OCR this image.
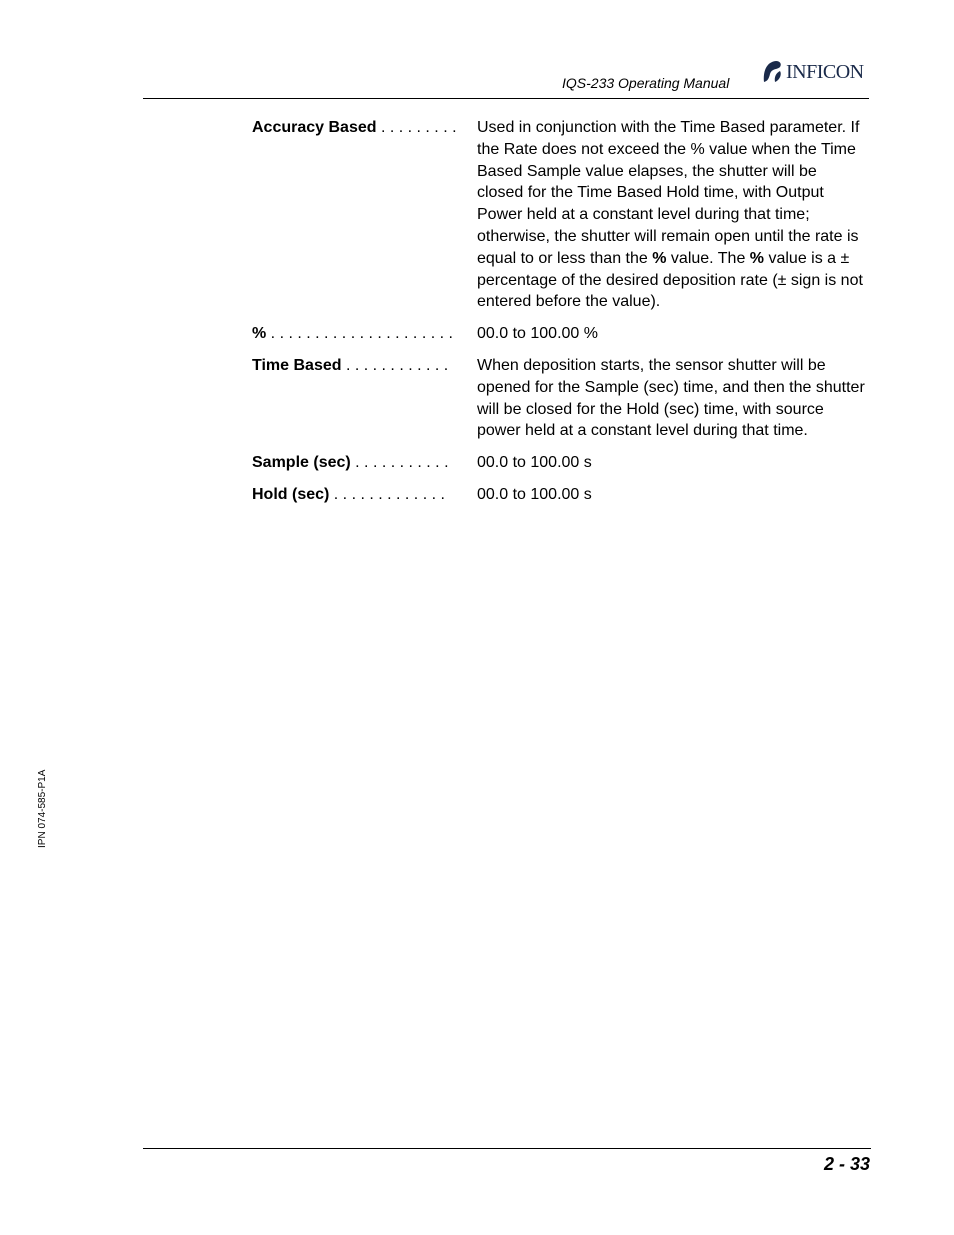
IQS-233 Operating Manual	INFICON
Accuracy Based . . . . . . . . .	Used in conjunction with the Time Based parameter. If the Rate does not exceed the % value when the Time Based Sample value elapses, the shutter will be closed for the Time Based Hold time, with Output Power held at a constant level during that time; otherwise, the shutter will remain open until the rate is equal to or less than the % value. The % value is a ± percentage of the desired deposition rate (± sign is not entered before the value).
% . . . . . . . . . . . . . . . . . . . . .	00.0 to 100.00 %
Time Based . . . . . . . . . . . .	When deposition starts, the sensor shutter will be opened for the Sample (sec) time, and then the shutter will be closed for the Hold (sec) time, with source power held at a constant level during that time.
Sample (sec) . . . . . . . . . . .	00.0 to 100.00 s
Hold (sec) . . . . . . . . . . . . .	00.0 to 100.00 s
IPN 074-585-P1A
2 - 33
